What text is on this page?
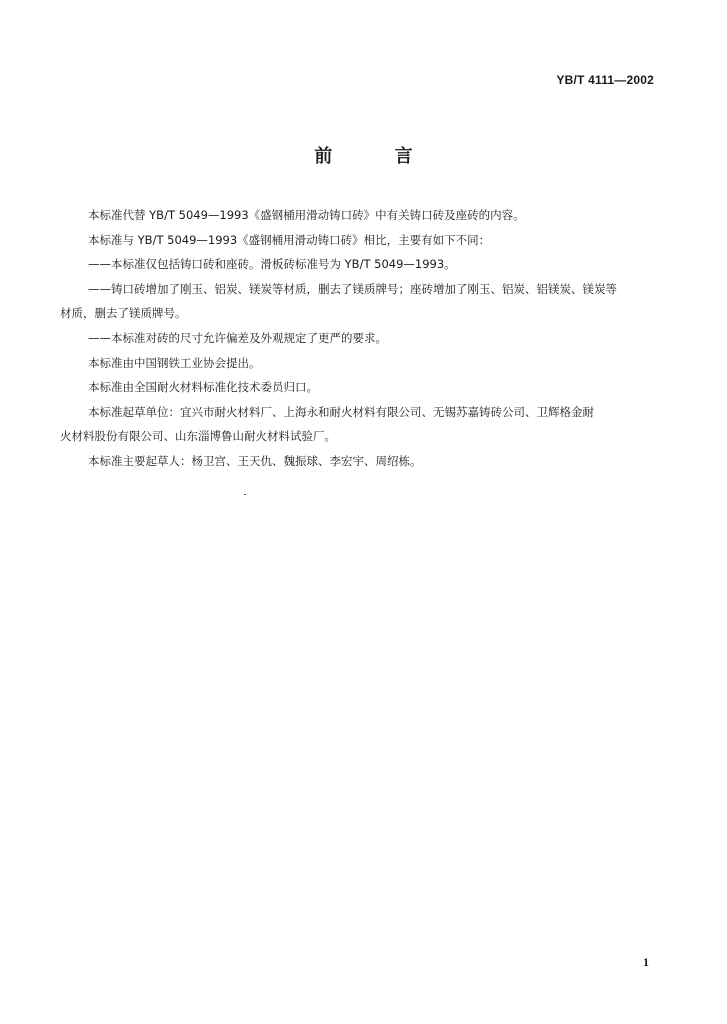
YB/T 4111—2002
前 言

本标准代替 YB/T 5049—1993《盛钢桶用滑动铸口砖》中有关铸口砖及座砖的内容。

本标准与 YB/T 5049—1993《盛钢桶用滑动铸口砖》相比，主要有如下不同：

——本标准仅包括铸口砖和座砖。滑板砖标准号为 YB/T 5049—1993。

——铸口砖增加了刚玉、铝炭、镁炭等材质，删去了镁质牌号；座砖增加了刚玉、铝炭、铝镁炭、镁炭等

材质，删去了镁质牌号。

——本标准对砖的尺寸允许偏差及外观规定了更严的要求。

本标准由中国钢铁工业协会提出。

本标准由全国耐火材料标准化技术委员归口。

本标准起草单位：宜兴市耐火材料厂、上海永和耐火材料有限公司、无锡苏嘉铸砖公司、卫辉格金耐

火材料股份有限公司、山东淄博鲁山耐火材料试验厂。

本标准主要起草人：杨卫宫、王天仇、魏振球、李宏宇、周绍栋。

1
